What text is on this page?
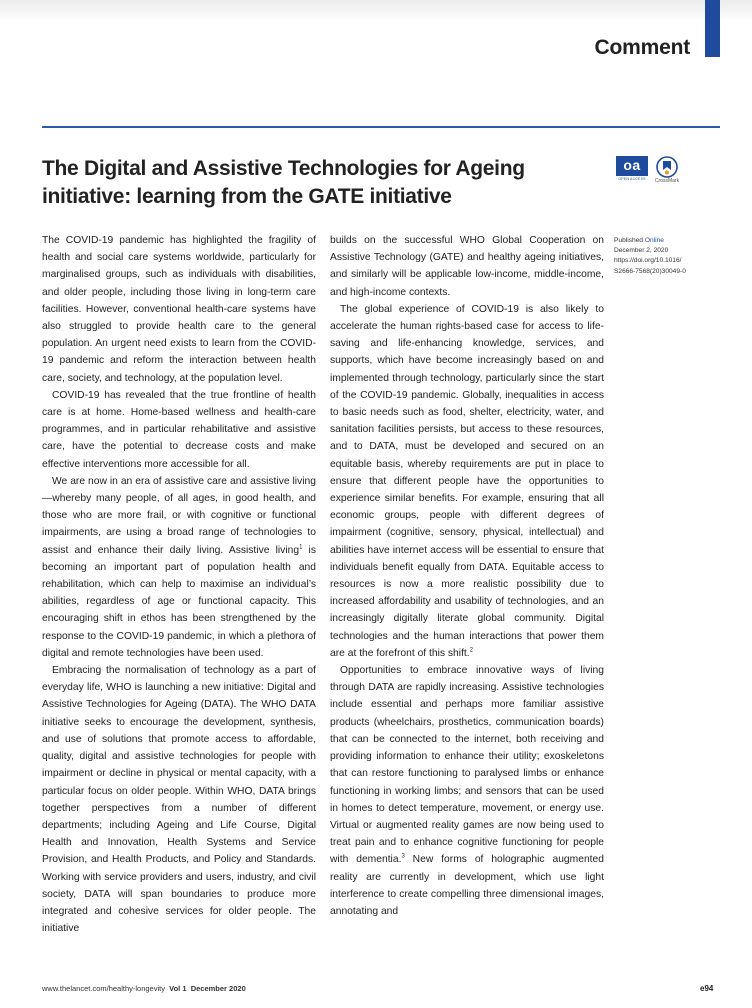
Comment
The Digital and Assistive Technologies for Ageing initiative: learning from the GATE initiative
oa
OPEN ACCESS	CrossMark

The COVID-19 pandemic has highlighted the fragility of health and social care systems worldwide, particularly for marginalised groups, such as individuals with disabilities, and older people, including those living in long-term care facilities. However, conventional health-care systems have also struggled to provide health care to the general population. An urgent need exists to learn from the COVID-19 pandemic and reform the interaction between health care, society, and technology, at the population level.

COVID-19 has revealed that the true frontline of health care is at home. Home-based wellness and health-care programmes, and in particular rehabilitative and assistive care, have the potential to decrease costs and make effective interventions more accessible for all.

We are now in an era of assistive care and assistive living—whereby many people, of all ages, in good health, and those who are more frail, or with cognitive or functional impairments, are using a broad range of technologies to assist and enhance their daily living. Assistive living$^1$ is becoming an important part of population health and rehabilitation, which can help to maximise an individual’s abilities, regardless of age or functional capacity. This encouraging shift in ethos has been strengthened by the response to the COVID-19 pandemic, in which a plethora of digital and remote technologies have been used.

Embracing the normalisation of technology as a part of everyday life, WHO is launching a new initiative: Digital and Assistive Technologies for Ageing (DATA). The WHO DATA initiative seeks to encourage the development, synthesis, and use of solutions that promote access to affordable, quality, digital and assistive technologies for people with impairment or decline in physical or mental capacity, with a particular focus on older people. Within WHO, DATA brings together perspectives from a number of different departments; including Ageing and Life Course, Digital Health and Innovation, Health Systems and Service Provision, and Health Products, and Policy and Standards. Working with service providers and users, industry, and civil society, DATA will span boundaries to produce more integrated and cohesive services for older people. The initiative

builds on the successful WHO Global Cooperation on Assistive Technology (GATE) and healthy ageing initiatives, and similarly will be applicable low-income, middle-income, and high-income contexts.

The global experience of COVID-19 is also likely to accelerate the human rights-based case for access to life-saving and life-enhancing knowledge, services, and supports, which have become increasingly based on and implemented through technology, particularly since the start of the COVID-19 pandemic. Globally, inequalities in access to basic needs such as food, shelter, electricity, water, and sanitation facilities persists, but access to these resources, and to DATA, must be developed and secured on an equitable basis, whereby requirements are put in place to ensure that different people have the opportunities to experience similar benefits. For example, ensuring that all economic groups, people with different degrees of impairment (cognitive, sensory, physical, intellectual) and abilities have internet access will be essential to ensure that individuals benefit equally from DATA. Equitable access to resources is now a more realistic possibility due to increased affordability and usability of technologies, and an increasingly digitally literate global community. Digital technologies and the human interactions that power them are at the forefront of this shift.$^2$

Opportunities to embrace innovative ways of living through DATA are rapidly increasing. Assistive technologies include essential and perhaps more familiar assistive products (wheelchairs, prosthetics, communication boards) that can be connected to the internet, both receiving and providing information to enhance their utility; exoskeletons that can restore functioning to paralysed limbs or enhance functioning in working limbs; and sensors that can be used in homes to detect temperature, movement, or energy use. Virtual or augmented reality games are now being used to treat pain and to enhance cognitive functioning for people with dementia.$^3$ New forms of holographic augmented reality are currently in development, which use light interference to create compelling three dimensional images, annotating and

Published Online
December 2, 2020
https://doi.org/10.1016/
S2666-7568(20)30049-0
www.thelancet.com/healthy-longevity Vol 1 December 2020	e94
